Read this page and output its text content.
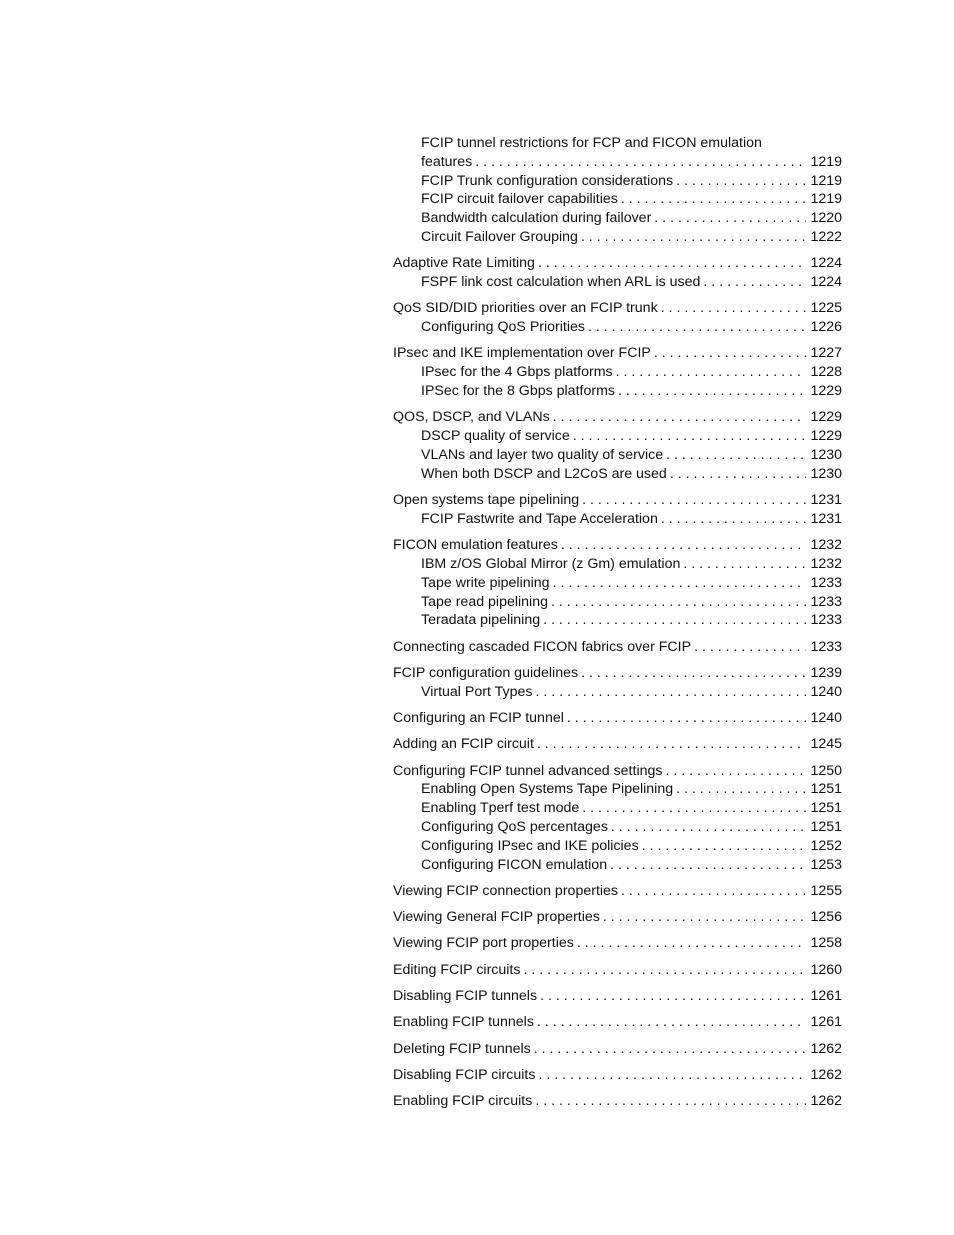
FCIP tunnel restrictions for FCP and FICON emulation
features . . .	1219
FCIP Trunk configuration considerations . . .	1219
FCIP circuit failover capabilities . . .	1219
Bandwidth calculation during failover . . .	1220
Circuit Failover Grouping . . .	1222
Adaptive Rate Limiting . . .	1224
FSPF link cost calculation when ARL is used . . .	1224
QoS SID/DID priorities over an FCIP trunk . . .	1225
Configuring QoS Priorities . . .	1226
IPsec and IKE implementation over FCIP . . .	1227
IPsec for the 4 Gbps platforms . . .	1228
IPSec for the 8 Gbps platforms . . .	1229
QOS, DSCP, and VLANs . . .	1229
DSCP quality of service . . .	1229
VLANs and layer two quality of service . . .	1230
When both DSCP and L2CoS are used . . .	1230
Open systems tape pipelining . . .	1231
FCIP Fastwrite and Tape Acceleration . . .	1231
FICON emulation features . . .	1232
IBM z/OS Global Mirror (z Gm) emulation . . .	1232
Tape write pipelining . . .	1233
Tape read pipelining . . .	1233
Teradata pipelining . . .	1233
Connecting cascaded FICON fabrics over FCIP . . .	1233
FCIP configuration guidelines . . .	1239
Virtual Port Types . . .	1240
Configuring an FCIP tunnel . . .	1240
Adding an FCIP circuit . . .	1245
Configuring FCIP tunnel advanced settings . . .	1250
Enabling Open Systems Tape Pipelining . . .	1251
Enabling Tperf test mode . . .	1251
Configuring QoS percentages . . .	1251
Configuring IPsec and IKE policies . . .	1252
Configuring FICON emulation . . .	1253
Viewing FCIP connection properties . . .	1255
Viewing General FCIP properties . . .	1256
Viewing FCIP port properties . . .	1258
Editing FCIP circuits . . .	1260
Disabling FCIP tunnels . . .	1261
Enabling FCIP tunnels . . .	1261
Deleting FCIP tunnels . . .	1262
Disabling FCIP circuits . . .	1262
Enabling FCIP circuits . . .	1262
